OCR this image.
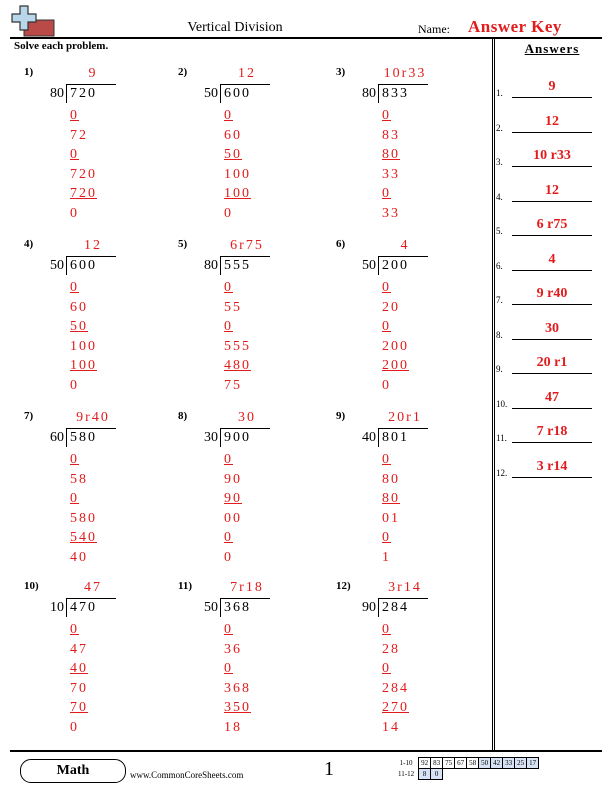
Vertical Division	Name: Answer Key
Solve each problem.	Answers
1.	9
2.	12
3.	10 r33
4.	12
5.	6 r75
6.	4
7.	9 r40
8.	30
9.	20 r1
10.	47
11.	7 r18
12.	3 r14
1)	9
80 720
0
72
0
720
720
0
2)	12
50 600
0
60
50
100
100
0
3)	10r33
80 833
0
83
80
33
0
33
4)	12
50 600
0
60
50
100
100
0
5)	6r75
80 555
0
55
0
555
480
75
6)	4
50 200
0
20
0
200
200
0
7)	9r40
60 580
0
58
0
580
540
40
8)	30
30 900
0
90
90
00
0
0
9)	20r1
40 801
0
80
80
01
0
1
10)	47
10 470
0
47
40
70
70
0
11)	7r18
50 368
0
36
0
368
350
18
12)	3r14
90 284
0
28
0
284
270
14
Math	www.CommonCoreSheets.com	1	1-10	92	83	75	67	58	50	42	33	25	17
11-12	8	0								
